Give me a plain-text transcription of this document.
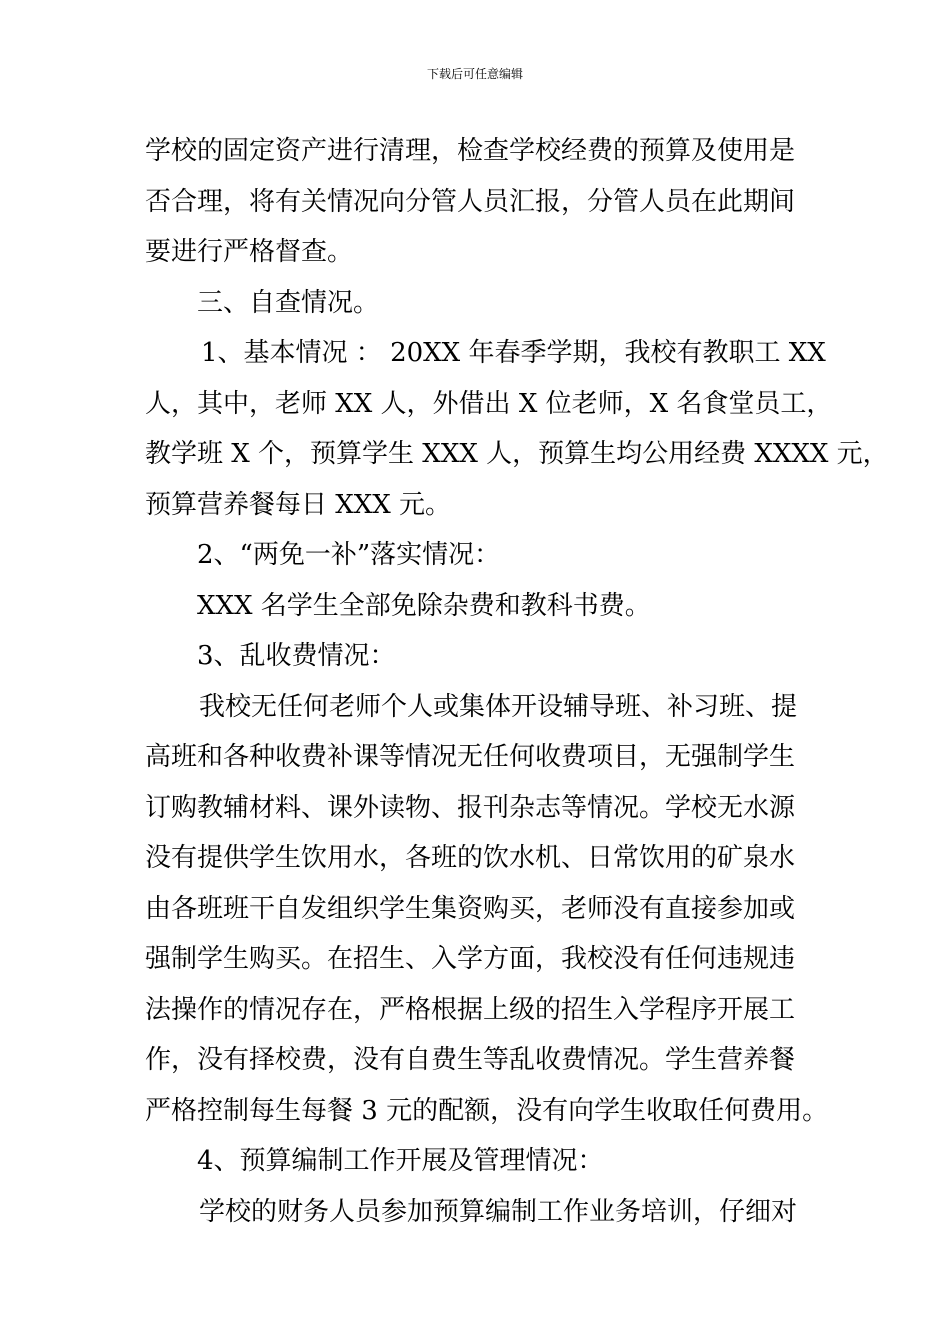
下载后可任意编辑
学校的固定资产进行清理，检查学校经费的预算及使用是
否合理，将有关情况向分管人员汇报，分管人员在此期间
要进行严格督查。
三、自查情况。
1、基本情况 ： 20XX 年春季学期，我校有教职工 XX
人，其中，老师 XX 人，外借出 X 位老师，X 名食堂员工，
教学班 X 个，预算学生 XXX 人，预算生均公用经费 XXXX 元，
预算营养餐每日 XXX 元。
2、“两免一补”落实情况：
XXX 名学生全部免除杂费和教科书费。
3、乱收费情况：
我校无任何老师个人或集体开设辅导班、补习班、提
高班和各种收费补课等情况无任何收费项目，无强制学生
订购教辅材料、课外读物、报刊杂志等情况。学校无水源
没有提供学生饮用水，各班的饮水机、日常饮用的矿泉水
由各班班干自发组织学生集资购买，老师没有直接参加或
强制学生购买。在招生、入学方面，我校没有任何违规违
法操作的情况存在，严格根据上级的招生入学程序开展工
作，没有择校费，没有自费生等乱收费情况。学生营养餐
严格控制每生每餐 3 元的配额，没有向学生收取任何费用。
4、预算编制工作开展及管理情况：
学校的财务人员参加预算编制工作业务培训，仔细对
